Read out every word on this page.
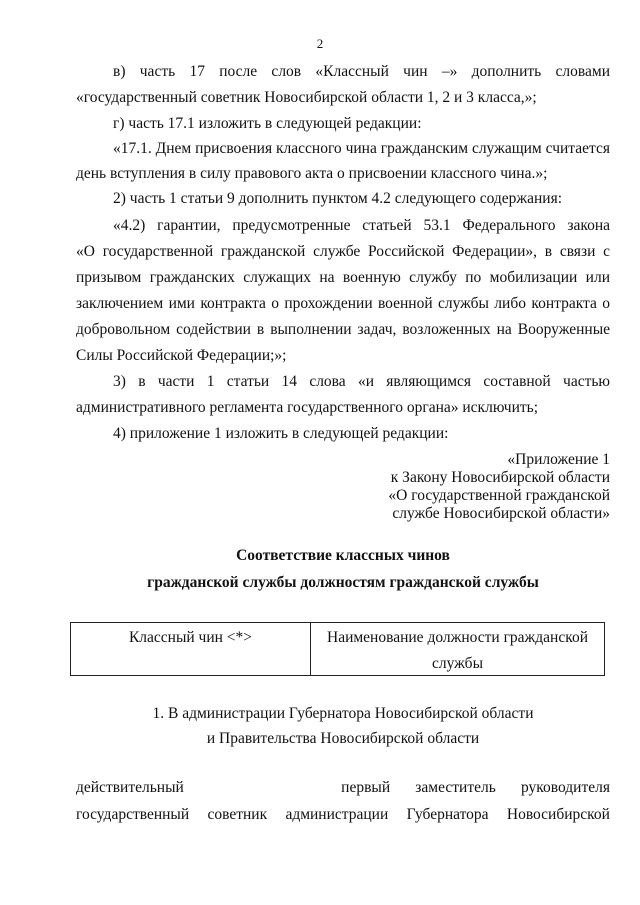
2
в) часть 17 после слов «Классный чин –» дополнить словами
«государственный советник Новосибирской области 1, 2 и 3 класса,»;
г) часть 17.1 изложить в следующей редакции:
«17.1. Днем присвоения классного чина гражданским служащим считается
день вступления в силу правового акта о присвоении классного чина.»;
2) часть 1 статьи 9 дополнить пунктом 4.2 следующего содержания:
«4.2) гарантии, предусмотренные статьей 53.1 Федерального закона
«О государственной гражданской службе Российской Федерации», в связи с
призывом гражданских служащих на военную службу по мобилизации или
заключением ими контракта о прохождении военной службы либо контракта о
добровольном содействии в выполнении задач, возложенных на Вооруженные
Силы Российской Федерации;»;
3) в части 1 статьи 14 слова «и являющимся составной частью
административного регламента государственного органа» исключить;
4) приложение 1 изложить в следующей редакции:
«Приложение 1
к Закону Новосибирской области
«О государственной гражданской
службе Новосибирской области»
Соответствие классных чинов
гражданской службы должностям гражданской службы
Классный чин <*>	Наименование должности гражданской
службы
1. В администрации Губернатора Новосибирской области
и Правительства Новосибирской области
действительный	первый заместитель руководителя
государственный советник администрации Губернатора Новосибирской
